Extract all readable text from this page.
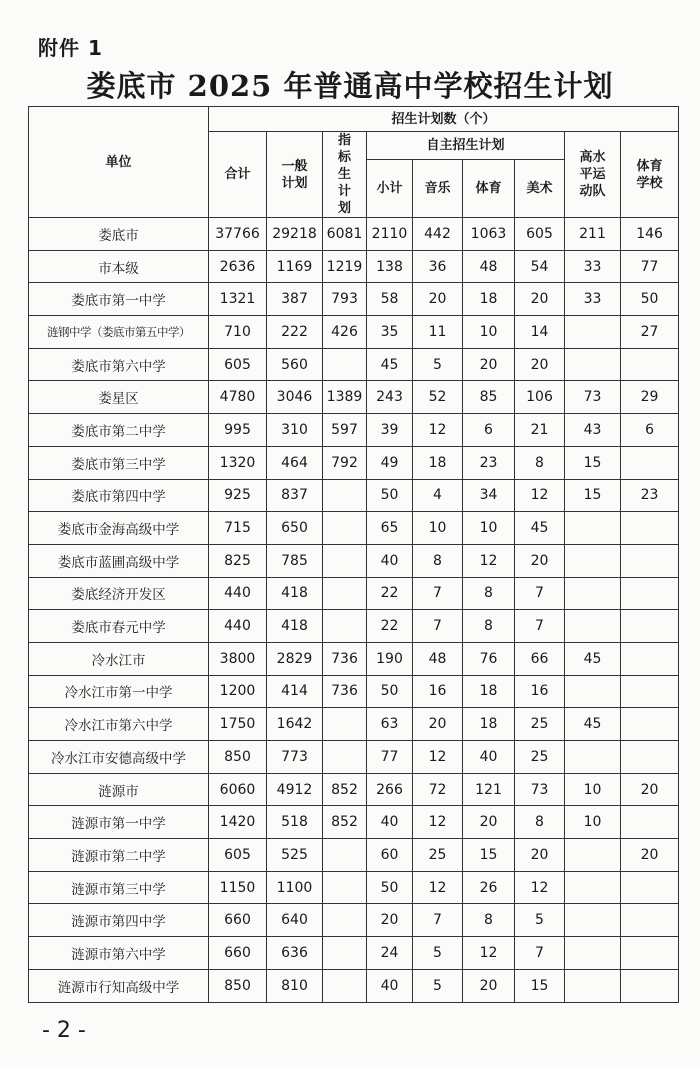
附件 1
娄底市 2025 年普通高中学校招生计划
单位	招生计划数（个）								
	合计	一般计划	指标生计划	自主招生计划				高水平运动队	体育学校

				小计	音乐	体育	美术		
娄底市	37766	29218	6081	2110	442	1063	605	211	146
市本级	2636	1169	1219	138	36	48	54	33	77
娄底市第一中学	1321	387	793	58	20	18	20	33	50
涟钢中学（娄底市第五中学）	710	222	426	35	11	10	14		27
娄底市第六中学	605	560		45	5	20	20		
娄星区	4780	3046	1389	243	52	85	106	73	29
娄底市第二中学	995	310	597	39	12	6	21	43	6
娄底市第三中学	1320	464	792	49	18	23	8	15	
娄底市第四中学	925	837		50	4	34	12	15	23
娄底市金海高级中学	715	650		65	10	10	45		
娄底市蓝圃高级中学	825	785		40	8	12	20		
娄底经济开发区	440	418		22	7	8	7		
娄底市春元中学	440	418		22	7	8	7		
冷水江市	3800	2829	736	190	48	76	66	45	
冷水江市第一中学	1200	414	736	50	16	18	16		
冷水江市第六中学	1750	1642		63	20	18	25	45	
冷水江市安德高级中学	850	773		77	12	40	25		
涟源市	6060	4912	852	266	72	121	73	10	20
涟源市第一中学	1420	518	852	40	12	20	8	10	
涟源市第二中学	605	525		60	25	15	20		20
涟源市第三中学	1150	1100		50	12	26	12		
涟源市第四中学	660	640		20	7	8	5		
涟源市第六中学	660	636		24	5	12	7		
涟源市行知高级中学	850	810		40	5	20	15		
- 2 -
